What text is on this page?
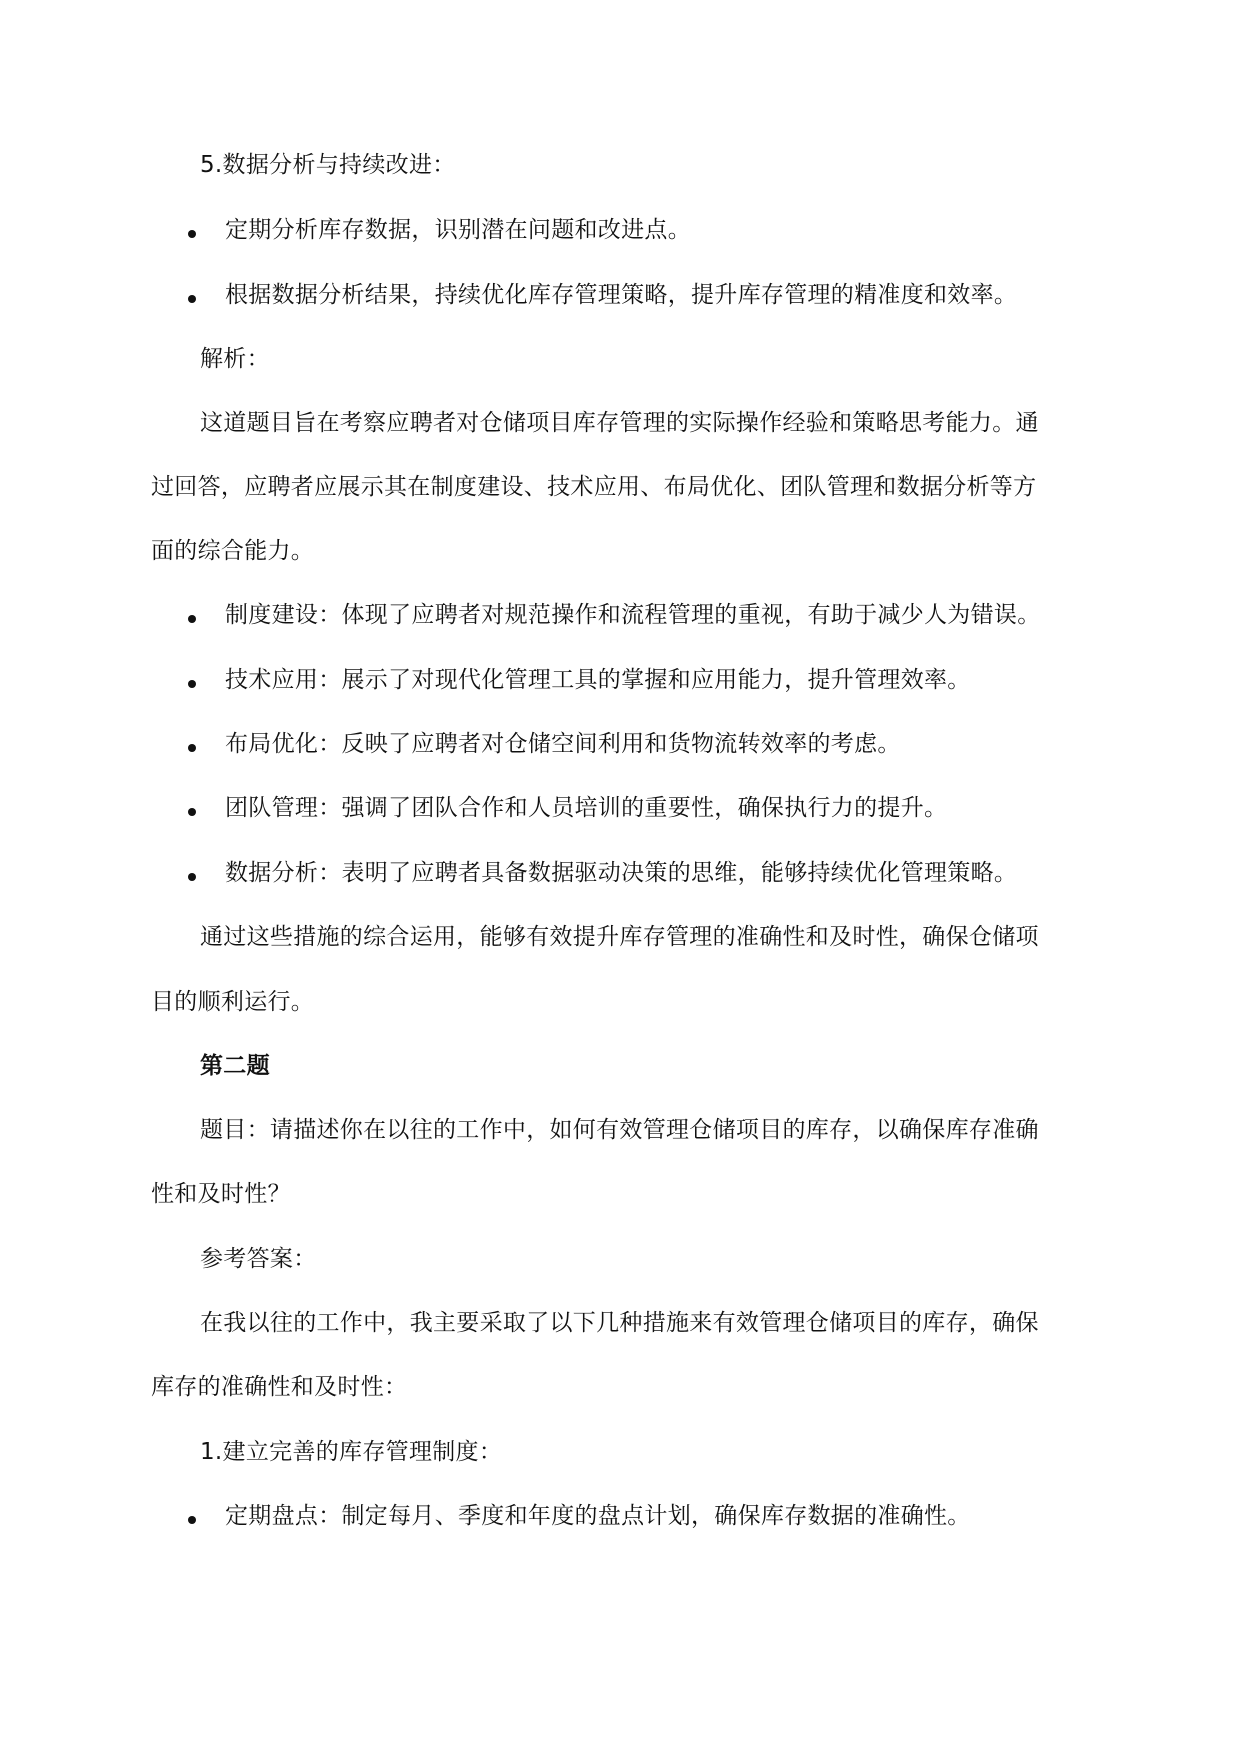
5.数据分析与持续改进：
定期分析库存数据，识别潜在问题和改进点。
根据数据分析结果，持续优化库存管理策略，提升库存管理的精准度和效率。
解析：
这道题目旨在考察应聘者对仓储项目库存管理的实际操作经验和策略思考能力。通
过回答，应聘者应展示其在制度建设、技术应用、布局优化、团队管理和数据分析等方
面的综合能力。
制度建设：体现了应聘者对规范操作和流程管理的重视，有助于减少人为错误。
技术应用：展示了对现代化管理工具的掌握和应用能力，提升管理效率。
布局优化：反映了应聘者对仓储空间利用和货物流转效率的考虑。
团队管理：强调了团队合作和人员培训的重要性，确保执行力的提升。
数据分析：表明了应聘者具备数据驱动决策的思维，能够持续优化管理策略。
通过这些措施的综合运用，能够有效提升库存管理的准确性和及时性，确保仓储项
目的顺利运行。
第二题
题目：请描述你在以往的工作中，如何有效管理仓储项目的库存，以确保库存准确
性和及时性？
参考答案：
在我以往的工作中，我主要采取了以下几种措施来有效管理仓储项目的库存，确保
库存的准确性和及时性：
1.建立完善的库存管理制度：
定期盘点：制定每月、季度和年度的盘点计划，确保库存数据的准确性。
